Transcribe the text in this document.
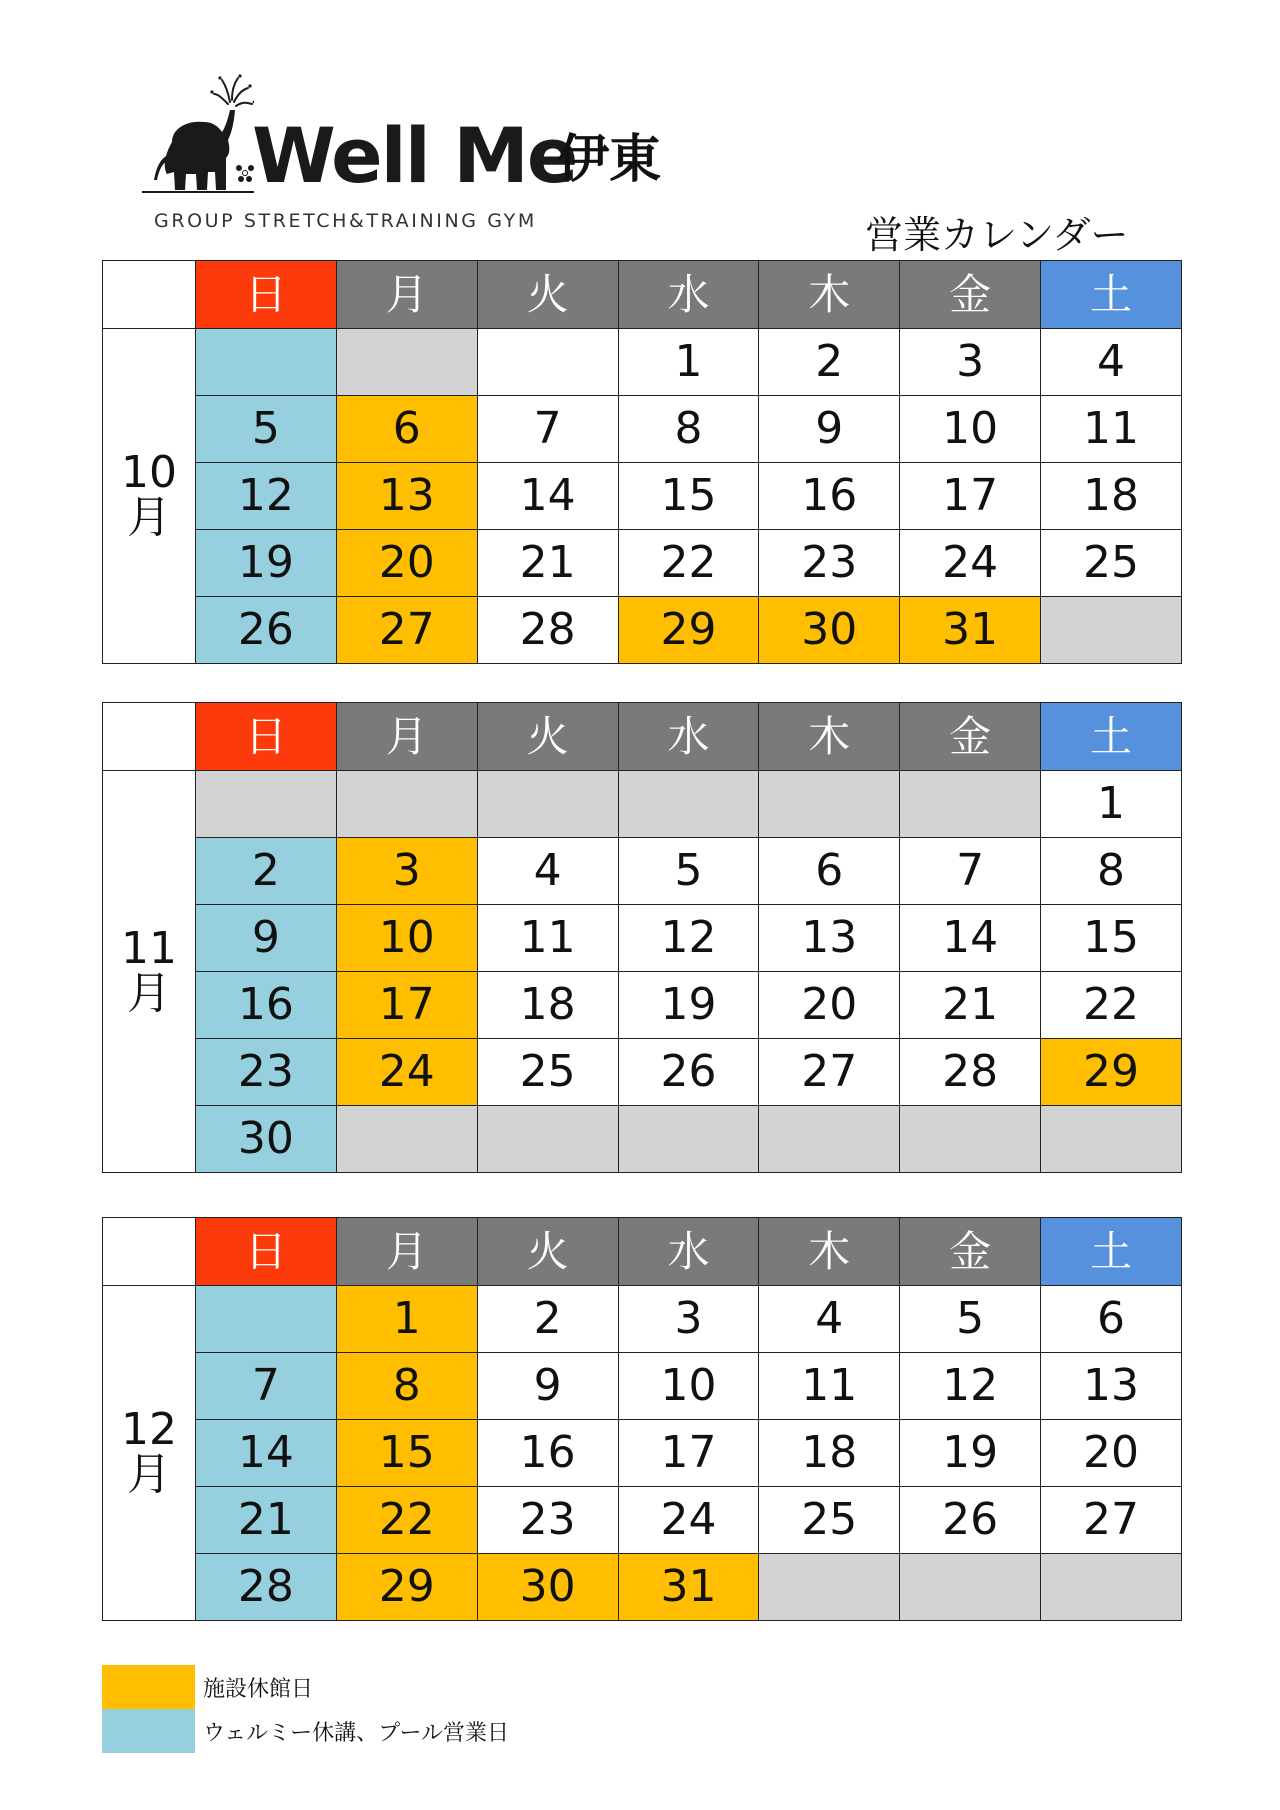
Well Me
伊東
GROUP STRETCH&TRAINING GYM	営業カレンダー
	日	月	火	水	木	金	土
10
月				1	2	3	4
	5	6	7	8	9	10	11
	12	13	14	15	16	17	18
	19	20	21	22	23	24	25
	26	27	28	29	30	31	
	日	月	火	水	木	金	土
11
月							1
	2	3	4	5	6	7	8
	9	10	11	12	13	14	15
	16	17	18	19	20	21	22
	23	24	25	26	27	28	29
	30						
	日	月	火	水	木	金	土
12
月		1	2	3	4	5	6
	7	8	9	10	11	12	13
	14	15	16	17	18	19	20
	21	22	23	24	25	26	27
	28	29	30	31			
施設休館日
ウェルミー休講、プール営業日
